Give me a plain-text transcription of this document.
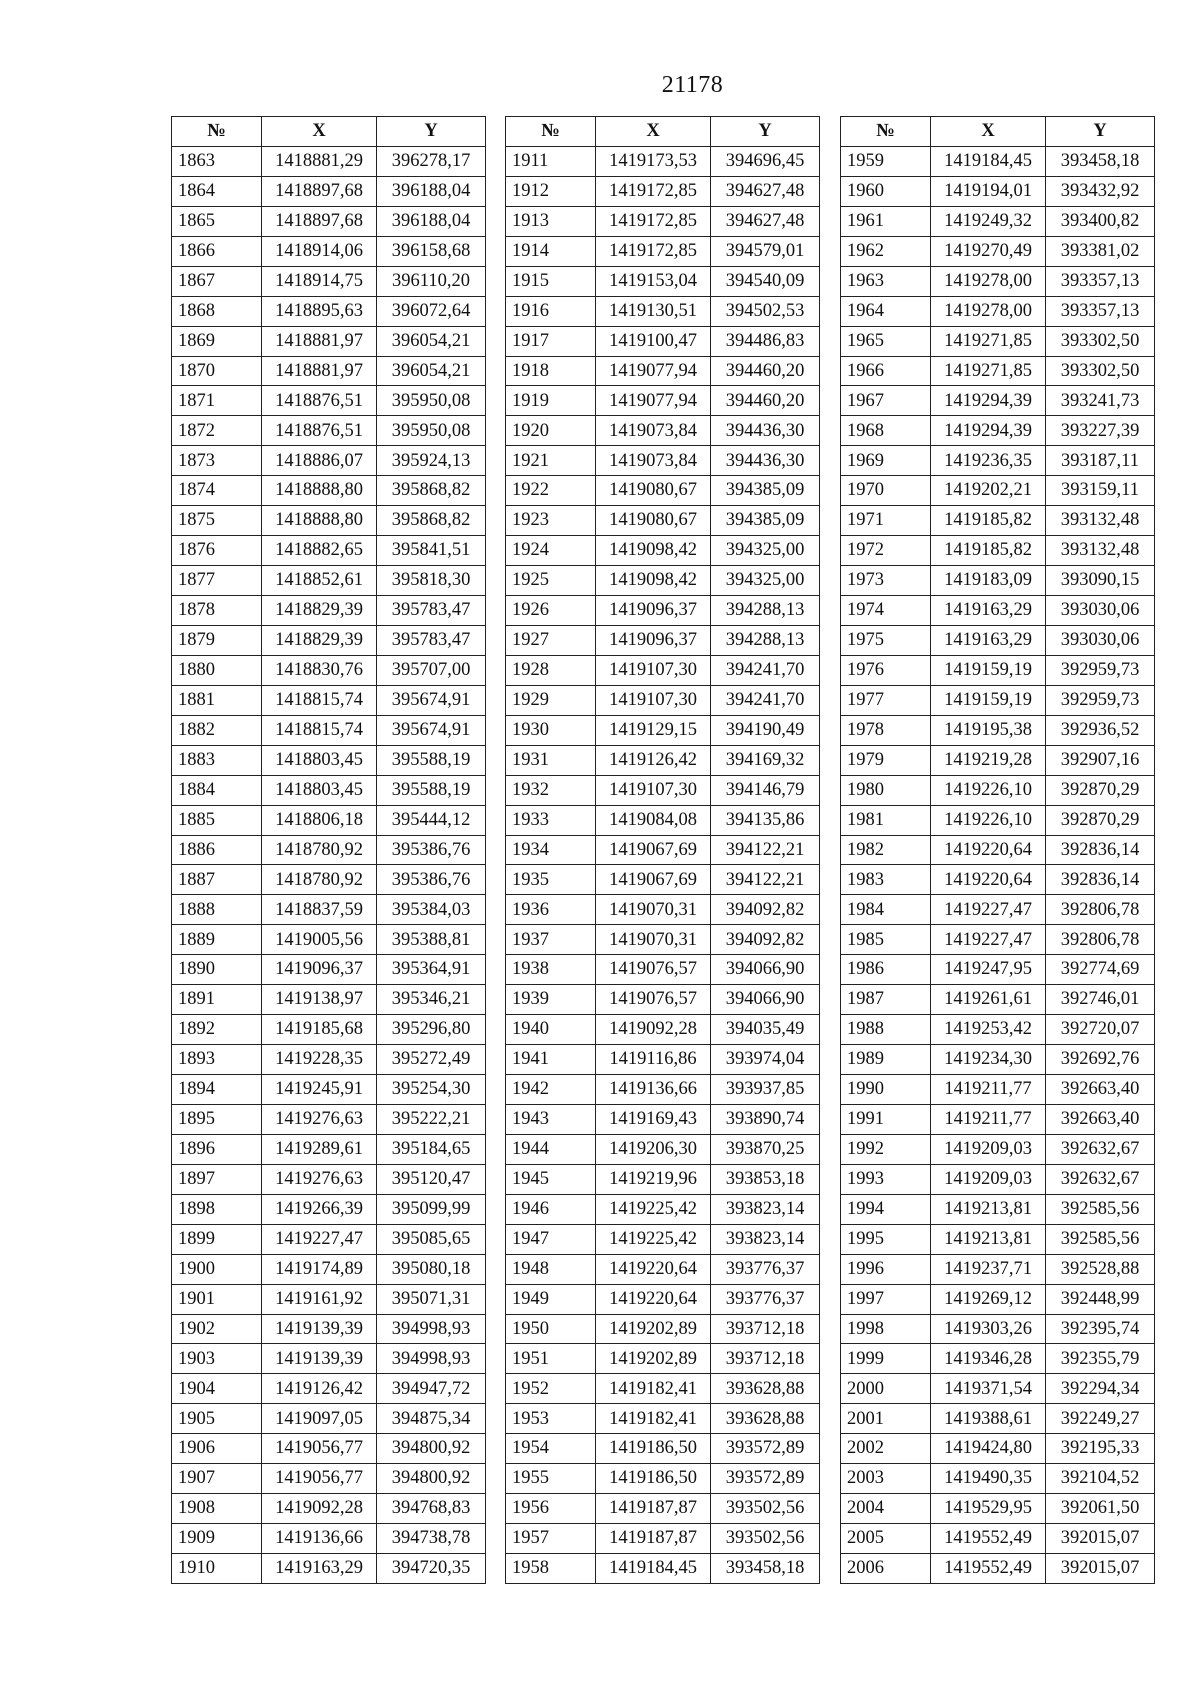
21178
№	X	Y
1863	1418881,29	396278,17
1864	1418897,68	396188,04
1865	1418897,68	396188,04
1866	1418914,06	396158,68
1867	1418914,75	396110,20
1868	1418895,63	396072,64
1869	1418881,97	396054,21
1870	1418881,97	396054,21
1871	1418876,51	395950,08
1872	1418876,51	395950,08
1873	1418886,07	395924,13
1874	1418888,80	395868,82
1875	1418888,80	395868,82
1876	1418882,65	395841,51
1877	1418852,61	395818,30
1878	1418829,39	395783,47
1879	1418829,39	395783,47
1880	1418830,76	395707,00
1881	1418815,74	395674,91
1882	1418815,74	395674,91
1883	1418803,45	395588,19
1884	1418803,45	395588,19
1885	1418806,18	395444,12
1886	1418780,92	395386,76
1887	1418780,92	395386,76
1888	1418837,59	395384,03
1889	1419005,56	395388,81
1890	1419096,37	395364,91
1891	1419138,97	395346,21
1892	1419185,68	395296,80
1893	1419228,35	395272,49
1894	1419245,91	395254,30
1895	1419276,63	395222,21
1896	1419289,61	395184,65
1897	1419276,63	395120,47
1898	1419266,39	395099,99
1899	1419227,47	395085,65
1900	1419174,89	395080,18
1901	1419161,92	395071,31
1902	1419139,39	394998,93
1903	1419139,39	394998,93
1904	1419126,42	394947,72
1905	1419097,05	394875,34
1906	1419056,77	394800,92
1907	1419056,77	394800,92
1908	1419092,28	394768,83
1909	1419136,66	394738,78
1910	1419163,29	394720,35
№	X	Y
1911	1419173,53	394696,45
1912	1419172,85	394627,48
1913	1419172,85	394627,48
1914	1419172,85	394579,01
1915	1419153,04	394540,09
1916	1419130,51	394502,53
1917	1419100,47	394486,83
1918	1419077,94	394460,20
1919	1419077,94	394460,20
1920	1419073,84	394436,30
1921	1419073,84	394436,30
1922	1419080,67	394385,09
1923	1419080,67	394385,09
1924	1419098,42	394325,00
1925	1419098,42	394325,00
1926	1419096,37	394288,13
1927	1419096,37	394288,13
1928	1419107,30	394241,70
1929	1419107,30	394241,70
1930	1419129,15	394190,49
1931	1419126,42	394169,32
1932	1419107,30	394146,79
1933	1419084,08	394135,86
1934	1419067,69	394122,21
1935	1419067,69	394122,21
1936	1419070,31	394092,82
1937	1419070,31	394092,82
1938	1419076,57	394066,90
1939	1419076,57	394066,90
1940	1419092,28	394035,49
1941	1419116,86	393974,04
1942	1419136,66	393937,85
1943	1419169,43	393890,74
1944	1419206,30	393870,25
1945	1419219,96	393853,18
1946	1419225,42	393823,14
1947	1419225,42	393823,14
1948	1419220,64	393776,37
1949	1419220,64	393776,37
1950	1419202,89	393712,18
1951	1419202,89	393712,18
1952	1419182,41	393628,88
1953	1419182,41	393628,88
1954	1419186,50	393572,89
1955	1419186,50	393572,89
1956	1419187,87	393502,56
1957	1419187,87	393502,56
1958	1419184,45	393458,18
№	X	Y
1959	1419184,45	393458,18
1960	1419194,01	393432,92
1961	1419249,32	393400,82
1962	1419270,49	393381,02
1963	1419278,00	393357,13
1964	1419278,00	393357,13
1965	1419271,85	393302,50
1966	1419271,85	393302,50
1967	1419294,39	393241,73
1968	1419294,39	393227,39
1969	1419236,35	393187,11
1970	1419202,21	393159,11
1971	1419185,82	393132,48
1972	1419185,82	393132,48
1973	1419183,09	393090,15
1974	1419163,29	393030,06
1975	1419163,29	393030,06
1976	1419159,19	392959,73
1977	1419159,19	392959,73
1978	1419195,38	392936,52
1979	1419219,28	392907,16
1980	1419226,10	392870,29
1981	1419226,10	392870,29
1982	1419220,64	392836,14
1983	1419220,64	392836,14
1984	1419227,47	392806,78
1985	1419227,47	392806,78
1986	1419247,95	392774,69
1987	1419261,61	392746,01
1988	1419253,42	392720,07
1989	1419234,30	392692,76
1990	1419211,77	392663,40
1991	1419211,77	392663,40
1992	1419209,03	392632,67
1993	1419209,03	392632,67
1994	1419213,81	392585,56
1995	1419213,81	392585,56
1996	1419237,71	392528,88
1997	1419269,12	392448,99
1998	1419303,26	392395,74
1999	1419346,28	392355,79
2000	1419371,54	392294,34
2001	1419388,61	392249,27
2002	1419424,80	392195,33
2003	1419490,35	392104,52
2004	1419529,95	392061,50
2005	1419552,49	392015,07
2006	1419552,49	392015,07
